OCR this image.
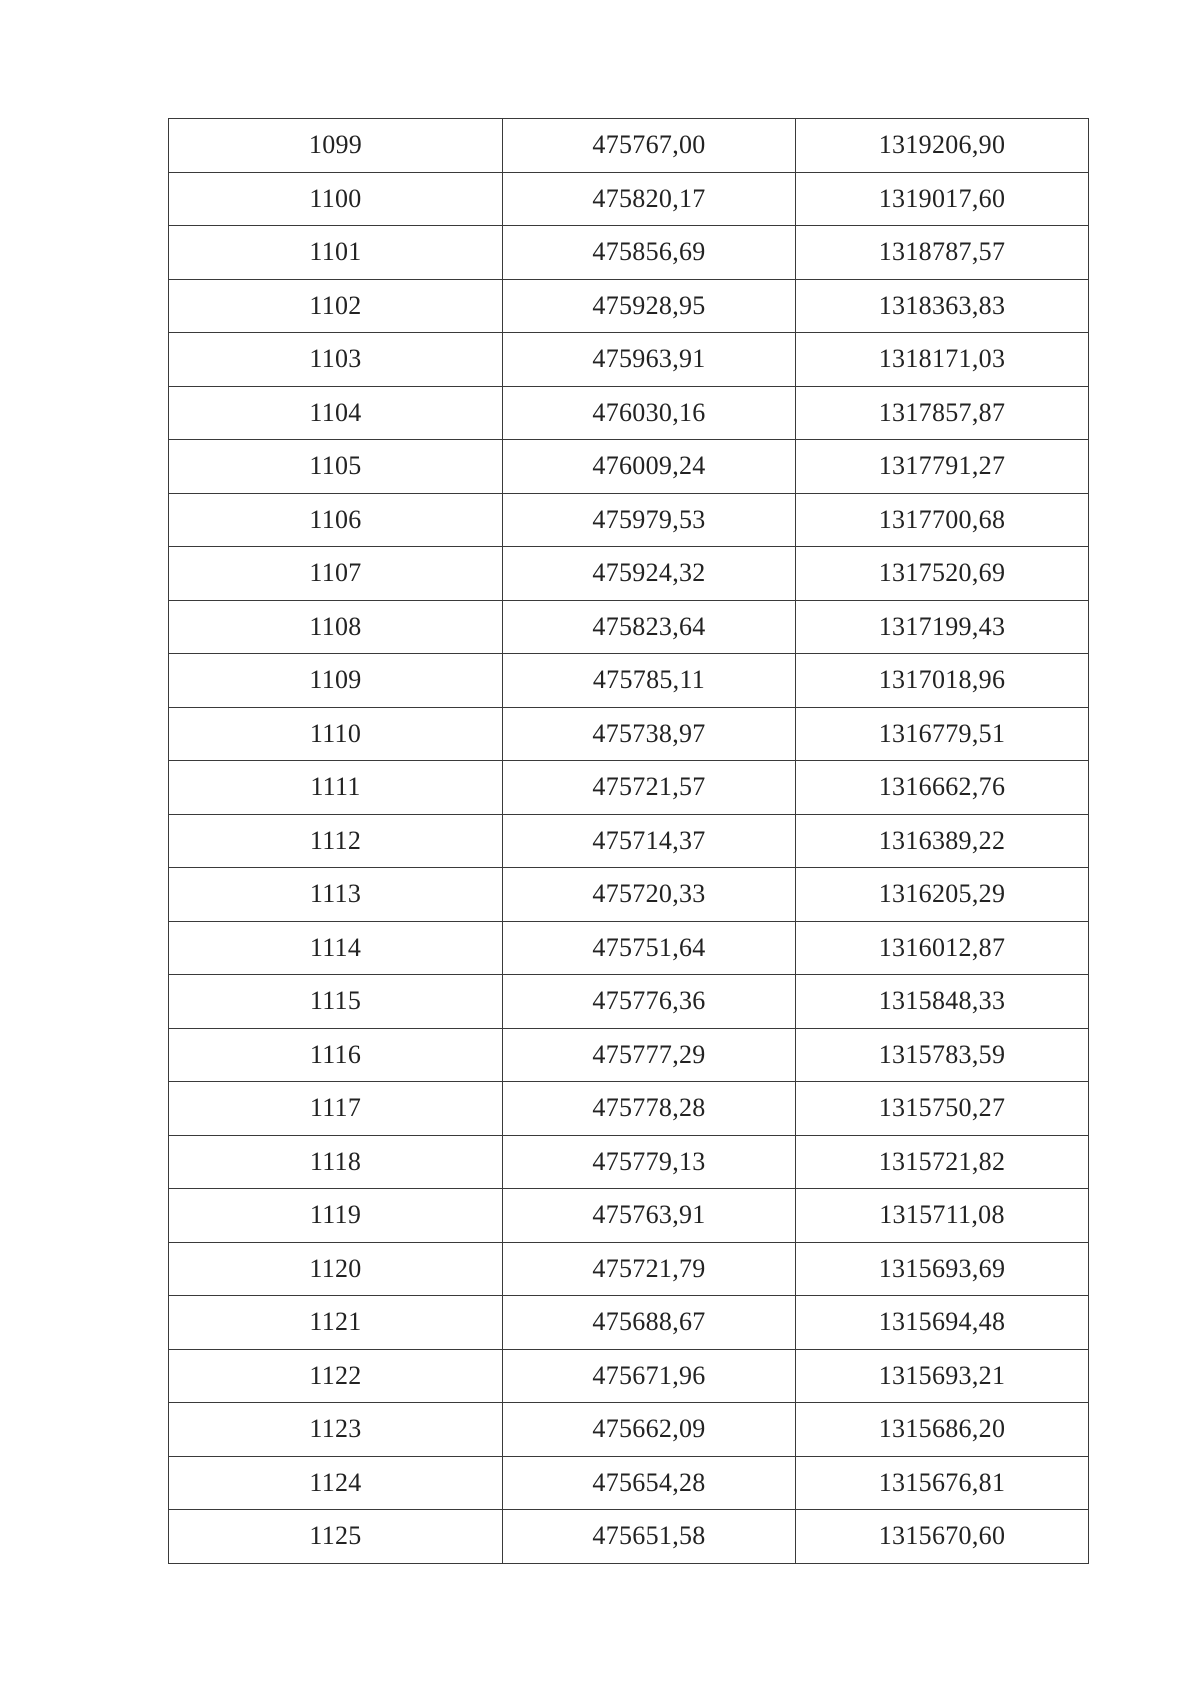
1099	475767,00	1319206,90
1100	475820,17	1319017,60
1101	475856,69	1318787,57
1102	475928,95	1318363,83
1103	475963,91	1318171,03
1104	476030,16	1317857,87
1105	476009,24	1317791,27
1106	475979,53	1317700,68
1107	475924,32	1317520,69
1108	475823,64	1317199,43
1109	475785,11	1317018,96
1110	475738,97	1316779,51
1111	475721,57	1316662,76
1112	475714,37	1316389,22
1113	475720,33	1316205,29
1114	475751,64	1316012,87
1115	475776,36	1315848,33
1116	475777,29	1315783,59
1117	475778,28	1315750,27
1118	475779,13	1315721,82
1119	475763,91	1315711,08
1120	475721,79	1315693,69
1121	475688,67	1315694,48
1122	475671,96	1315693,21
1123	475662,09	1315686,20
1124	475654,28	1315676,81
1125	475651,58	1315670,60
